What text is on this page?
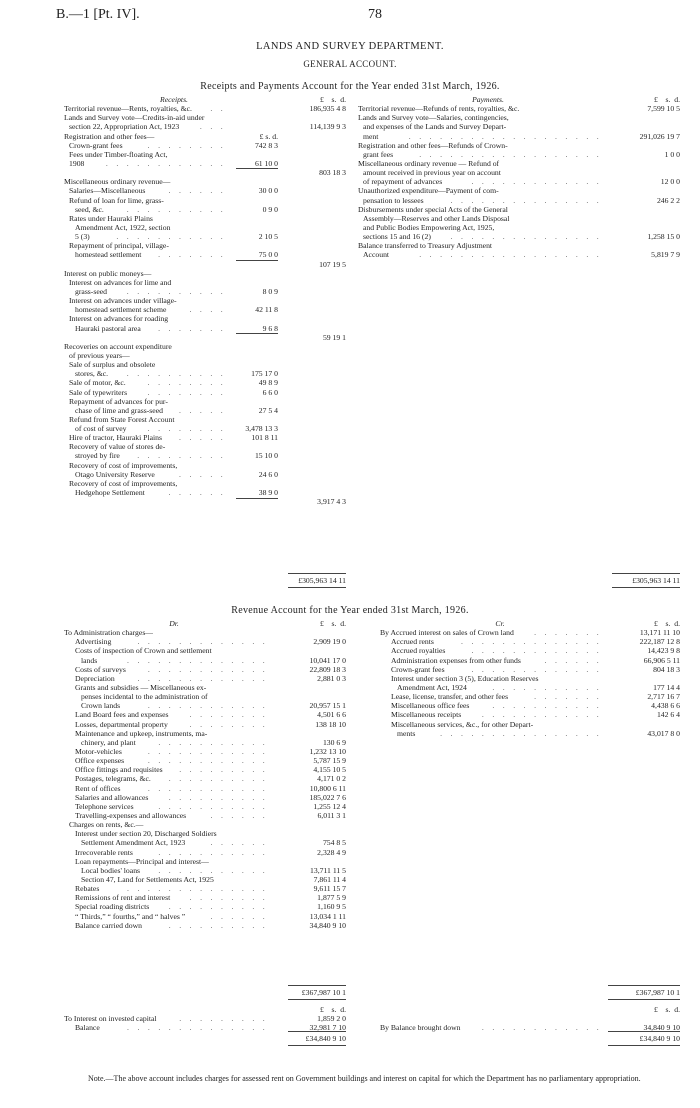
B.—1 [Pt. IV].	78
LANDS AND SURVEY DEPARTMENT.
GENERAL ACCOUNT.
Receipts and Payments Account for the Year ended 31st March, 1926.
Receipts.	£ s. d.
Territorial revenue—Rents, royalties, &c. . .	186,935 4 8
Lands and Survey vote—Credits-in-aid under
section 22, Appropriation Act, 1923	. . .	114,139 9 3
Registration and other fees—	£ s. d.
Crown-grant fees	. . . . . . . .	742 8 3
Fees under Timber-floating Act,
1908	. . . . . . . . . . . .	61 10 0
803 18 3
Miscellaneous ordinary revenue—
Salaries—Miscellaneous	. . . . . .	30 0 0
Refund of loan for lime, grass-
seed, &c.	. . . . . . . . . .	0 9 0
Rates under Hauraki Plains
Amendment Act, 1922, section
5 (3)	. . . . . . . . . . .	2 10 5
Repayment of principal, village-
homestead settlement . . . . . . .	75 0 0
107 19 5
Interest on public moneys—
Interest on advances for lime and
grass-seed	. . . . . . . . . .	8 0 9
Interest on advances under village-
homestead settlement scheme	. . . .	42 11 8
Interest on advances for roading
Hauraki pastoral area . . . . . . .	9 6 8
59 19 1
Recoveries on account expenditure
of previous years—
Sale of surplus and obsolete
stores, &c. . . . . . . . . . .	175 17 0
Sale of motor, &c.	. . . . . . . .	49 8 9
Sale of typewriters	. . . . . . . .	6 6 0
Repayment of advances for pur-
chase of lime and grass-seed . . . . .	27 5 4
Refund from State Forest Account
of cost of survey	. . . . . . . .	3,478 13 3
Hire of tractor, Hauraki Plains . . . . .	101 8 11
Recovery of value of stores de-
stroyed by fire . . . . . . . . .	15 10 0
Recovery of cost of improvements,
Otago University Reserve	. . . . .	24 6 0
Recovery of cost of improvements,
Hedgehope Settlement	. . . . . .	38 9 0
3,917 4 3
Payments.	£ s. d.
Territorial revenue—Refunds of rents, royalties, &c.	7,599 10 5
Lands and Survey vote—Salaries, contingencies,
and expenses of the Lands and Survey Depart-
ment	. . . . . . . . . . . . . . . . . . .	291,026 19 7
Registration and other fees—Refunds of Crown-
grant fees	. . . . . . . . . . . . . . . . . .	1 0 0
Miscellaneous ordinary revenue — Refund of
amount received in previous year on account
of repayment of advances	. . . . . . . . . . . . .	12 0 0
Unauthorized expenditure—Payment of com-
pensation to lessees	. . . . . . . . . . . . . . .	246 2 2
Disbursements under special Acts of the General
Assembly—Reserves and other Lands Disposal
and Public Bodies Empowering Act, 1925,
sections 15 and 16 (2)	. . . . . . . . . . . . . . .	1,258 15 0
Balance transferred to Treasury Adjustment
Account	. . . . . . . . . . . . . . . . . .	5,819 7 9
£305,963 14 11	£305,963 14 11
Revenue Account for the Year ended 31st March, 1926.
Dr.	£ s. d.
To Administration charges—
Advertising	. . . . . . . . . . . . .	2,909 19 0
Costs of inspection of Crown and settlement
lands	. . . . . . . . . . . . . .	10,041 17 0
Costs of surveys	. . . . . . . . . . . .	22,809 18 3
Depreciation	. . . . . . . . . . . . .	2,881 0 3
Grants and subsidies — Miscellaneous ex-
penses incidental to the administration of
Crown lands	. . . . . . . . . . . .	20,957 15 1
Land Board fees and expenses	. . . . . . . .	4,501 6 6
Losses, departmental property	. . . . . . . .	138 18 10
Maintenance and upkeep, instruments, ma-
chinery, and plant	. . . . . . . . . . .	130 6 9
Motor-vehicles	. . . . . . . . . . . .	1,232 13 10
Office expenses	. . . . . . . . . . . .	5,787 15 9
Office fittings and requisites . . . . . . . . .	4,155 10 5
Postages, telegrams, &c. . . . . . . . . . .	4,171 0 2
Rent of offices	. . . . . . . . . . . .	10,800 6 11
Salaries and allowances	. . . . . . . . . .	185,022 7 6
Telephone services	. . . . . . . . . . .	1,255 12 4
Travelling-expenses and allowances	. . . . . .	6,011 3 1
Charges on rents, &c.—
Interest under section 20, Discharged Soldiers
Settlement Amendment Act, 1923	. . . . . .	754 8 5
Irrecoverable rents	. . . . . . . . . . .	2,328 4 9
Loan repayments—Principal and interest—
Local bodies' loans . . . . . . . . . . .	13,711 11 5
Section 47, Land for Settlements Act, 1925	7,861 11 4
Rebates	. . . . . . . . . . . . . .	9,611 15 7
Remissions of rent and interest	. . . . . . . .	1,877 5 9
Special roading districts	. . . . . . . . . .	1,160 9 5
“ Thirds,” “ fourths,” and “ halves ”	. . . . . .	13,034 1 11
Balance carried down	. . . . . . . . . .	34,840 9 10
Cr.	£ s. d.
By Accrued interest on sales of Crown land	. . . . . . .	13,171 11 10
Accrued rents	. . . . . . . . . . . . . .	222,187 12 8
Accrued royalties	. . . . . . . . . . . . .	14,423 9 8
Administration expenses from other funds	. . . . . .	66,906 5 11
Crown-grant fees	. . . . . . . . . . . . .	804 18 3
Interest under section 3 (5), Education Reserves
Amendment Act, 1924	. . . . . . . . . . .	177 14 4
Lease, license, transfer, and other fees	. . . . . . .	2,717 16 7
Miscellaneous office fees	. . . . . . . . . . .	4,438 6 6
Miscellaneous receipts	. . . . . . . . . . . .	142 6 4
Miscellaneous services, &c., for other Depart-
ments	. . . . . . . . . . . . . . . .	43,017 8 0
£367,987 10 1	£367,987 10 1
£ s. d.
To Interest on invested capital	. . . . . . . . .	1,859 2 0
Balance	. . . . . . . . . . . . . .	32,981 7 10
£ s. d.
By Balance brought down	. . . . . . . . . . . .	34,840 9 10
£34,840 9 10	£34,840 9 10
Note.—The above account includes charges for assessed rent on Government buildings and interest on capital for which the Department has no parliamentary appropriation.
